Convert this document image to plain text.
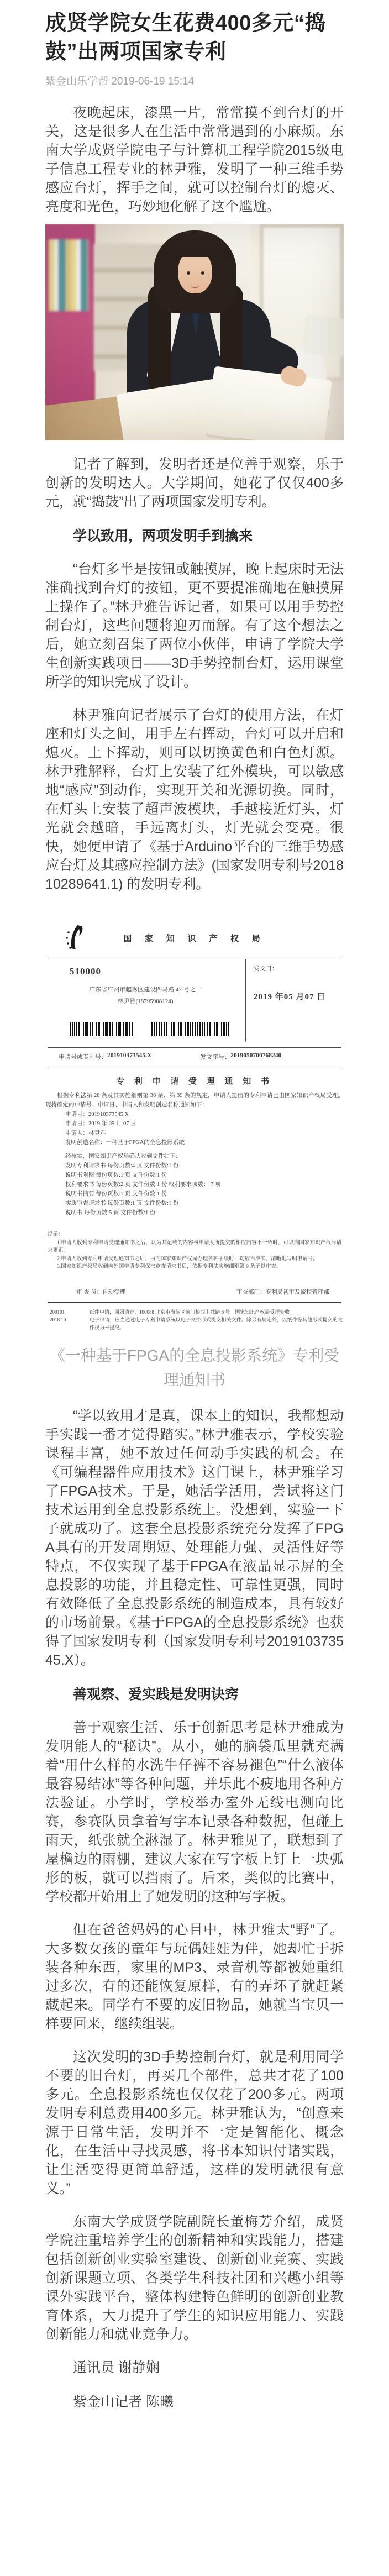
成贤学院女生花费400多元“捣鼓”出两项国家专利
紫金山乐学帮 2019-06-19 15:14

夜晚起床，漆黑一片，常常摸不到台灯的开关，这是很多人在生活中常常遇到的小麻烦。东南大学成贤学院电子与计算机工程学院2015级电子信息工程专业的林尹雅，发明了一种三维手势感应台灯，挥手之间，就可以控制台灯的熄灭、亮度和光色，巧妙地化解了这个尴尬。

记者了解到，发明者还是位善于观察，乐于创新的发明达人。大学期间，她花了仅仅400多元，就“捣鼓”出了两项国家发明专利。

学以致用，两项发明手到擒来

“台灯多半是按钮或触摸屏，晚上起床时无法准确找到台灯的按钮，更不要提准确地在触摸屏上操作了。”林尹雅告诉记者，如果可以用手势控制台灯，这些问题将迎刃而解。有了这个想法之后，她立刻召集了两位小伙伴，申请了学院大学生创新实践项目——3D手势控制台灯，运用课堂所学的知识完成了设计。

林尹雅向记者展示了台灯的使用方法，在灯座和灯头之间，用手左右挥动，台灯可以开启和熄灭。上下挥动，则可以切换黄色和白色灯源。林尹雅解释，台灯上安装了红外模块，可以敏感地“感应”到动作，实现开关和光源切换。同时，在灯头上安装了超声波模块，手越接近灯头，灯光就会越暗，手远离灯头，灯光就会变亮。很快，她便申请了《基于Arduino平台的三维手势感应台灯及其感应控制方法》(国家发明专利号201810289641.1) 的发明专利。

国 家 知 识 产 权 局
510000
广东省广州市越秀区建设四马路 47 号之一
林尹雅(18795908124)
发文日：
2019 年05 月07 日
申请号或专利号： 201910373545.X	发文序号： 2019050700768240
专 利 申 请 受 理 通 知 书
根据专利法第 28 条及其实施细则第 38 条、第 39 条的规定，申请人提出的专利申请已由国家知识产权局受理。现将确定的申请号、申请日、申请人和发明创造名称通知如下：
申请号：201910373545.X
申请日：2019 年 05 月 07 日
申请人：林尹雅
发明创造名称：一种基于FPGA的全息投影系统
经核实，国家知识产权局确认收到文件如下：
发明专利请求书 每份页数:4 页 文件份数:1 份
说明书附图 每份页数:1 页 文件份数:1 份
权利要求书 每份页数:2 页 文件份数:1 份 权利要求项数： 7 项
说明书摘要 每份页数:1 页 文件份数:1 份
实质审查请求书 每份页数:1 页 文件份数:1 份
说明书 每份页数:5 页 文件份数:1 份
提示：
1.申请人收到专利申请受理通知书之后，认为其记载的内容与申请人所提交的相应内容不一致时，可以向国家知识产权局请求更正。
2.申请人收到专利申请受理通知书之后，再向国家知识产权局办理各种手续时，均应当准确、清晰地写明申请号。
3.国家知识产权局收到向外国申请专利保密审查请求书后，依据专利法实施细则第 9 条予以审查。
审 查 员：自动受理	审查部门：专利局初审及流程管理部
200101
2018.10
纸件申请，回函请寄：100088 北京市海淀区蓟门桥西土城路 6 号　国家知识产权局受理处收
电子申请，应当通过电子专利申请系统以电子文件形式提交相关文件。除另有规定外，以纸件等其他形式提交的文件视为未提交。
《一种基于FPGA的全息投影系统》专利受理通知书

“学以致用才是真，课本上的知识，我都想动手实践一番才觉得踏实。”林尹雅表示，学校实验课程丰富，她不放过任何动手实践的机会。在《可编程器件应用技术》这门课上，林尹雅学习了FPGA技术。于是，她活学活用，尝试将这门技术运用到全息投影系统上。没想到，实验一下子就成功了。这套全息投影系统充分发挥了FPGA具有的开发周期短、处理能力强、灵活性好等特点，不仅实现了基于FPGA在液晶显示屏的全息投影的功能，并且稳定性、可靠性更强，同时有效降低了全息投影系统的制造成本，具有较好的市场前景。《基于FPGA的全息投影系统》也获得了国家发明专利（国家发明专利号201910373545.X）。

善观察、爱实践是发明诀窍

善于观察生活、乐于创新思考是林尹雅成为发明能人的“秘诀”。从小，她的脑袋瓜里就充满着“用什么样的水洗牛仔裤不容易褪色”“什么液体最容易结冰”等各种问题，并乐此不疲地用各种方法验证。小学时，学校举办室外无线电测向比赛，参赛队员拿着写字本记录各种数据，但碰上雨天，纸张就全淋湿了。林尹雅见了，联想到了屋檐边的雨棚，建议大家在写字板上钉上一块弧形的板，就可以挡雨了。后来，类似的比赛中，学校都开始用上了她发明的这种写字板。

但在爸爸妈妈的心目中，林尹雅太“野”了。大多数女孩的童年与玩偶娃娃为伴，她却忙于拆装各种东西，家里的MP3、录音机等都被她重组过多次，有的还能恢复原样，有的弄坏了就赶紧藏起来。同学有不要的废旧物品，她就当宝贝一样要回来，继续组装。

这次发明的3D手势控制台灯，就是利用同学不要的旧台灯，再买几个部件，总共才花了100多元。全息投影系统也仅仅花了200多元。两项发明专利总费用400多元。林尹雅认为，“创意来源于日常生活，发明并不一定是智能化、概念化，在生活中寻找灵感，将书本知识付诸实践，让生活变得更简单舒适，这样的发明就很有意义。”

东南大学成贤学院副院长董梅芳介绍，成贤学院注重培养学生的创新精神和实践能力，搭建包括创新创业实验室建设、创新创业竞赛、实践创新课题立项、各类学生科技社团和兴趣小组等课外实践平台，整体构建特色鲜明的创新创业教育体系，大力提升了学生的知识应用能力、实践创新能力和就业竞争力。

通讯员 谢静娴
紫金山记者 陈曦
